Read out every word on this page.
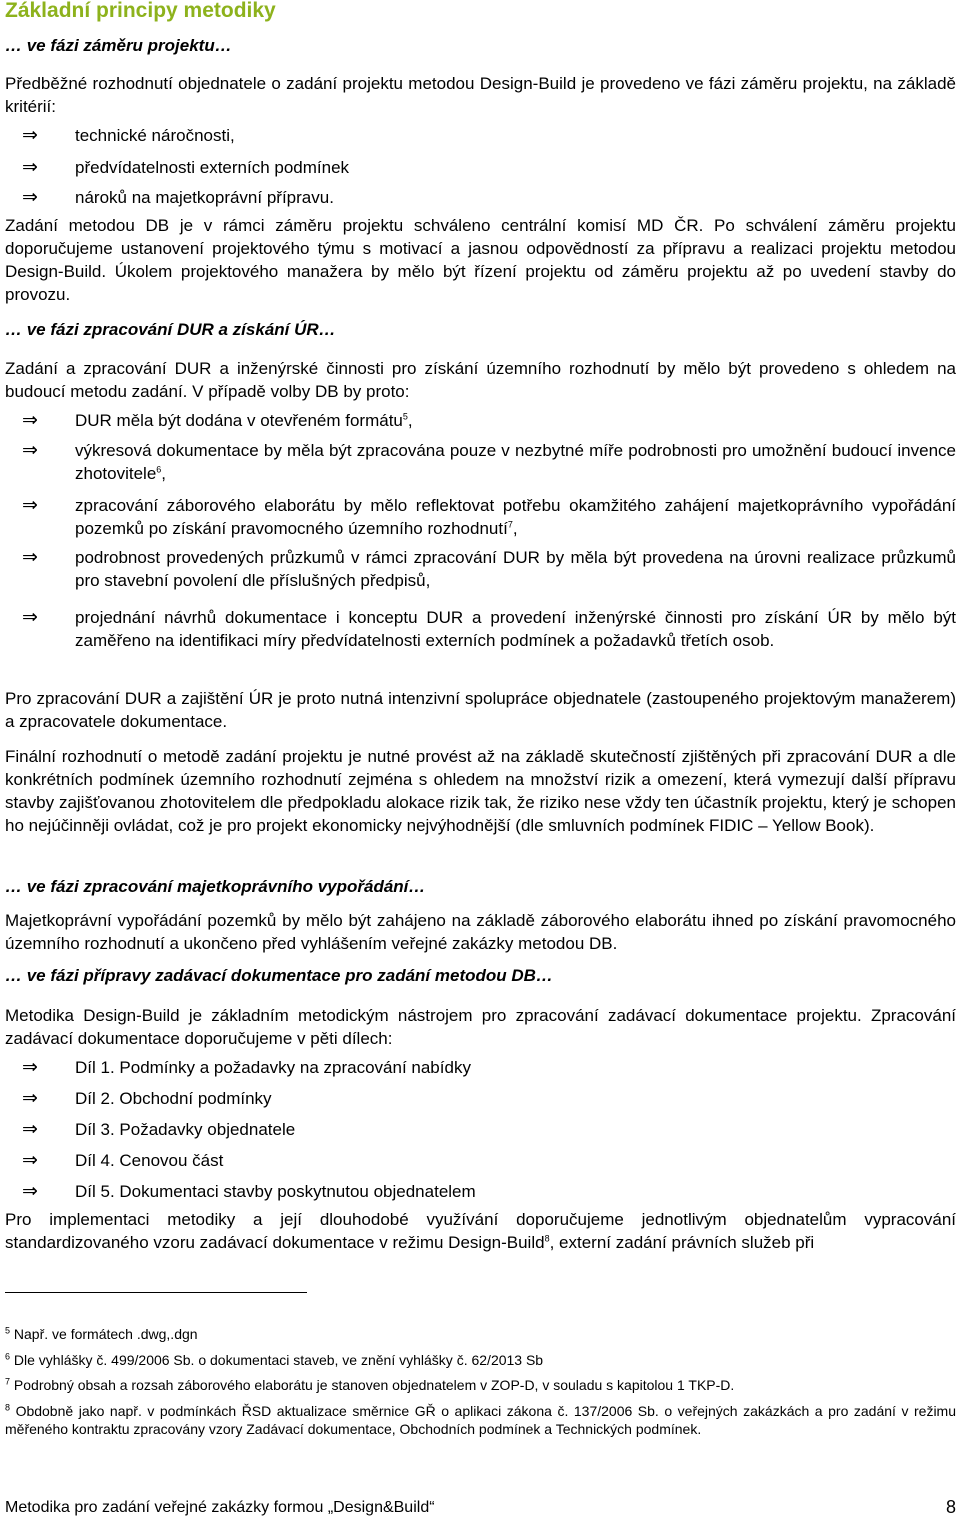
Základní principy metodiky
… ve fázi záměru projektu…
Předběžné rozhodnutí objednatele o zadání projektu metodou Design-Build je provedeno ve fázi záměru projektu, na základě kritérií:
⇒ technické náročnosti,
⇒ předvídatelnosti externích podmínek
⇒ nároků na majetkoprávní přípravu.
Zadání metodou DB je v rámci záměru projektu schváleno centrální komisí MD ČR. Po schválení záměru projektu doporučujeme ustanovení projektového týmu s motivací a jasnou odpovědností za přípravu a realizaci projektu metodou Design-Build. Úkolem projektového manažera by mělo být řízení projektu od záměru projektu až po uvedení stavby do provozu.
… ve fázi zpracování DUR a získání ÚR…
Zadání a zpracování DUR a inženýrské činnosti pro získání územního rozhodnutí by mělo být provedeno s ohledem na budoucí metodu zadání. V případě volby DB by proto:
⇒ DUR měla být dodána v otevřeném formátu$^5$,
⇒ výkresová dokumentace by měla být zpracována pouze v nezbytné míře podrobnosti pro umožnění budoucí invence zhotovitele$^6$,
⇒ zpracování záborového elaborátu by mělo reflektovat potřebu okamžitého zahájení majetkoprávního vypořádání pozemků po získání pravomocného územního rozhodnutí$^7$,
⇒ podrobnost provedených průzkumů v rámci zpracování DUR by měla být provedena na úrovni realizace průzkumů pro stavební povolení dle příslušných předpisů,
⇒ projednání návrhů dokumentace i konceptu DUR a provedení inženýrské činnosti pro získání ÚR by mělo být zaměřeno na identifikaci míry předvídatelnosti externích podmínek a požadavků třetích osob.
Pro zpracování DUR a zajištění ÚR je proto nutná intenzivní spolupráce objednatele (zastoupeného projektovým manažerem) a zpracovatele dokumentace.
Finální rozhodnutí o metodě zadání projektu je nutné provést až na základě skutečností zjištěných při zpracování DUR a dle konkrétních podmínek územního rozhodnutí zejména s ohledem na množství rizik a omezení, která vymezují další přípravu stavby zajišťovanou zhotovitelem dle předpokladu alokace rizik tak, že riziko nese vždy ten účastník projektu, který je schopen ho nejúčinněji ovládat, což je pro projekt ekonomicky nejvýhodnější (dle smluvních podmínek FIDIC – Yellow Book).
… ve fázi zpracování majetkoprávního vypořádání…
Majetkoprávní vypořádání pozemků by mělo být zahájeno na základě záborového elaborátu ihned po získání pravomocného územního rozhodnutí a ukončeno před vyhlášením veřejné zakázky metodou DB.
… ve fázi přípravy zadávací dokumentace pro zadání metodou DB…
Metodika Design-Build je základním metodickým nástrojem pro zpracování zadávací dokumentace projektu. Zpracování zadávací dokumentace doporučujeme v pěti dílech:
⇒ Díl 1. Podmínky a požadavky na zpracování nabídky
⇒ Díl 2. Obchodní podmínky
⇒ Díl 3. Požadavky objednatele
⇒ Díl 4. Cenovou část
⇒ Díl 5. Dokumentaci stavby poskytnutou objednatelem
Pro implementaci metodiky a její dlouhodobé využívání doporučujeme jednotlivým objednatelům vypracování standardizovaného vzoru zadávací dokumentace v režimu Design-Build$^8$, externí zadání právních služeb při
$^5$ Např. ve formátech .dwg,.dgn
$^6$ Dle vyhlášky č. 499/2006 Sb. o dokumentaci staveb, ve znění vyhlášky č. 62/2013 Sb
$^7$ Podrobný obsah a rozsah záborového elaborátu je stanoven objednatelem v ZOP-D, v souladu s kapitolou 1 TKP-D.
$^8$ Obdobně jako např. v podmínkách ŘSD aktualizace směrnice GŘ o aplikaci zákona č. 137/2006 Sb. o veřejných zakázkách a pro zadání v režimu měřeného kontraktu zpracovány vzory Zadávací dokumentace, Obchodních podmínek a Technických podmínek.
Metodika pro zadání veřejné zakázky formou „Design&Build“	8
